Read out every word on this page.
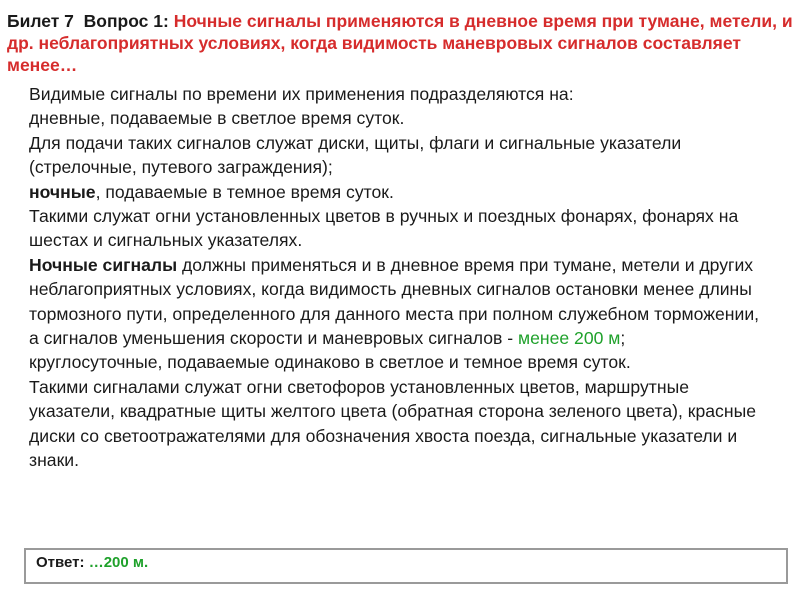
Билет 7 Вопрос 1: Ночные сигналы применяются в дневное время при тумане, метели, и др. неблагоприятных условиях, когда видимость маневровых сигналов составляет менее…
Ответ: …200 м.

Видимые сигналы по времени их применения подразделяются на:

дневные, подаваемые в светлое время суток.

Для подачи таких сигналов служат диски, щиты, флаги и сигнальные указатели (стрелочные, путевого заграждения);

ночные, подаваемые в темное время суток.

Такими служат огни установленных цветов в ручных и поездных фонарях, фонарях на шестах и сигнальных указателях.

Ночные сигналы должны применяться и в дневное время при тумане, метели и других неблагоприятных условиях, когда видимость дневных сигналов остановки менее длины тормозного пути, определенного для данного места при полном служебном торможении, а сигналов уменьшения скорости и маневровых сигналов - менее 200 м;

круглосуточные, подаваемые одинаково в светлое и темное время суток.

Такими сигналами служат огни светофоров установленных цветов, маршрутные указатели, квадратные щиты желтого цвета (обратная сторона зеленого цвета), красные диски со светоотражателями для обозначения хвоста поезда, сигнальные указатели и знаки.
